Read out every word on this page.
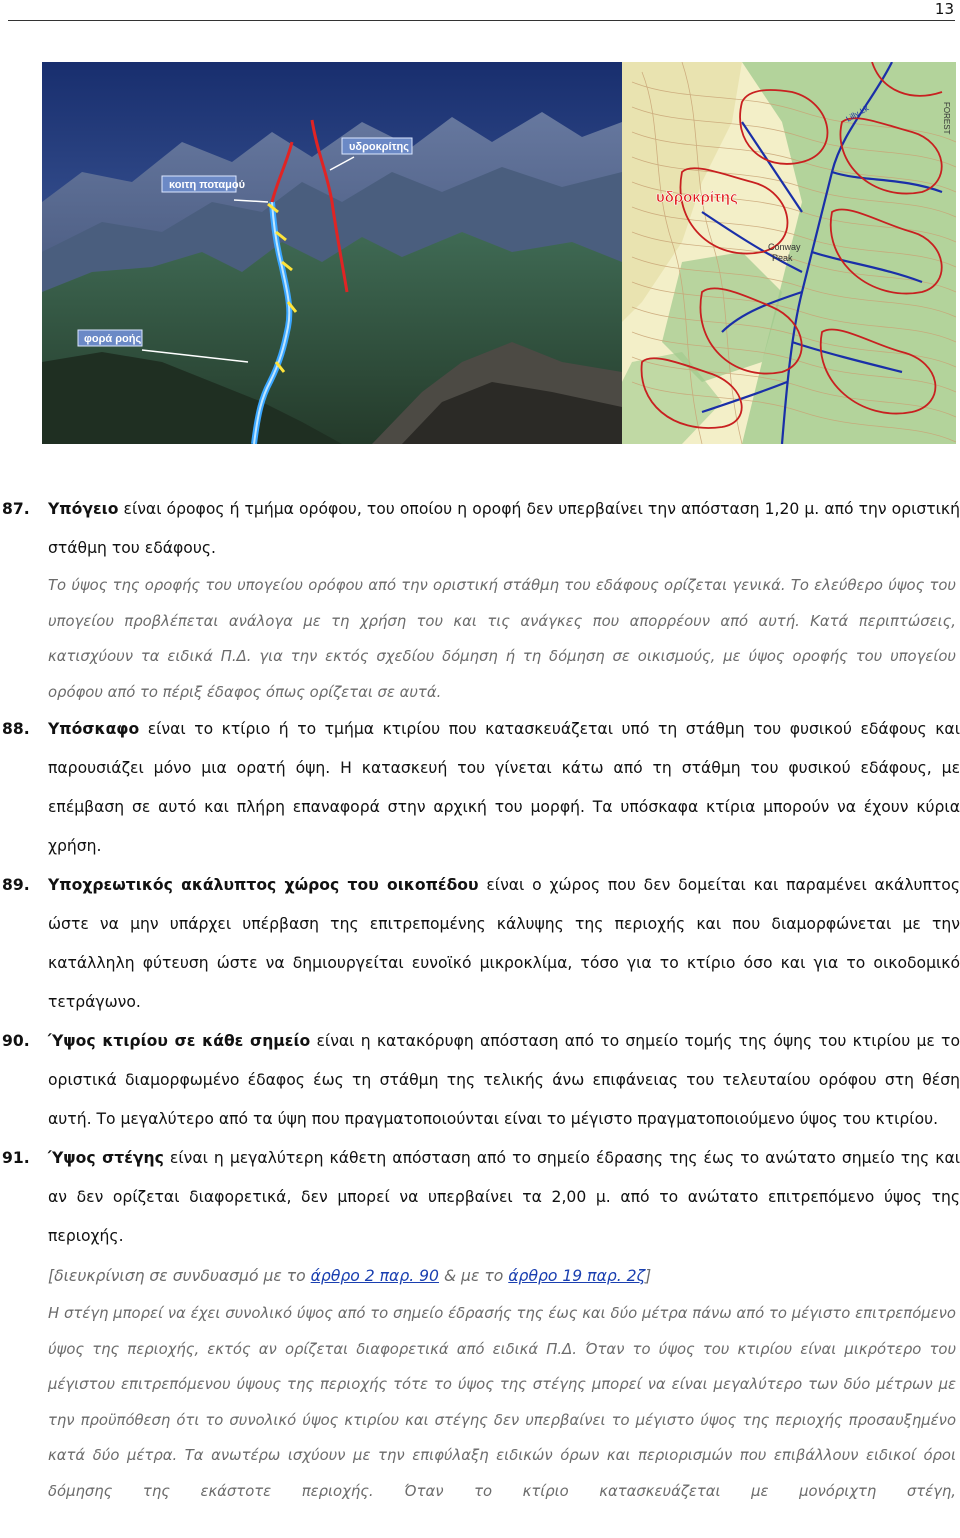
13
κοιτη ποταμού
υδροκρίτης
φορά ροής
Conway
Peak
Lilly Lk	FOREST
υδροκρίτης
87. Υπόγειο είναι όροφος ή τμήμα ορόφου, του οποίου η οροφή δεν υπερβαίνει την απόσταση 1,20 μ. από την οριστική στάθμη του εδάφους.
Το ύψος της οροφής του υπογείου ορόφου από την οριστική στάθμη του εδάφους ορίζεται γενικά. Το ελεύθερο ύψος του υπογείου προβλέπεται ανάλογα με τη χρήση του και τις ανάγκες που απορρέουν από αυτή. Κατά περιπτώσεις, κατισχύουν τα ειδικά Π.Δ. για την εκτός σχεδίου δόμηση ή τη δόμηση σε οικισμούς, με ύψος οροφής του υπογείου ορόφου από το πέριξ έδαφος όπως ορίζεται σε αυτά.
88. Υπόσκαφο είναι το κτίριο ή το τμήμα κτιρίου που κατασκευάζεται υπό τη στάθμη του φυσικού εδάφους και παρουσιάζει μόνο μια ορατή όψη. Η κατασκευή του γίνεται κάτω από τη στάθμη του φυσικού εδάφους, με επέμβαση σε αυτό και πλήρη επαναφορά στην αρχική του μορφή. Τα υπόσκαφα κτίρια μπορούν να έχουν κύρια χρήση.
89. Υποχρεωτικός ακάλυπτος χώρος του οικοπέδου είναι ο χώρος που δεν δομείται και παραμένει ακάλυπτος ώστε να μην υπάρχει υπέρβαση της επιτρεπομένης κάλυψης της περιοχής και που διαμορφώνεται με την κατάλληλη φύτευση ώστε να δημιουργείται ευνοϊκό μικροκλίμα, τόσο για το κτίριο όσο και για το οικοδομικό τετράγωνο.
90. Ύψος κτιρίου σε κάθε σημείο είναι η κατακόρυφη απόσταση από το σημείο τομής της όψης του κτιρίου με το οριστικά διαμορφωμένο έδαφος έως τη στάθμη της τελικής άνω επιφάνειας του τελευταίου ορόφου στη θέση αυτή. Το μεγαλύτερο από τα ύψη που πραγματοποιούνται είναι το μέγιστο πραγματοποιούμενο ύψος του κτιρίου.
91. Ύψος στέγης είναι η μεγαλύτερη κάθετη απόσταση από το σημείο έδρασης της έως το ανώτατο σημείο της και αν δεν ορίζεται διαφορετικά, δεν μπορεί να υπερβαίνει τα 2,00 μ. από το ανώτατο επιτρεπόμενο ύψος της περιοχής.
[διευκρίνιση σε συνδυασμό με το άρθρο 2 παρ. 90 & με το άρθρο 19 παρ. 2ζ]
Η στέγη μπορεί να έχει συνολικό ύψος από το σημείο έδρασής της έως και δύο μέτρα πάνω από το μέγιστο επιτρεπόμενο ύψος της περιοχής, εκτός αν ορίζεται διαφορετικά από ειδικά Π.Δ. Όταν το ύψος του κτιρίου είναι μικρότερο του μέγιστου επιτρεπόμενου ύψους της περιοχής τότε το ύψος της στέγης μπορεί να είναι μεγαλύτερο των δύο μέτρων με την προϋπόθεση ότι το συνολικό ύψος κτιρίου και στέγης δεν υπερβαίνει το μέγιστο ύψος της περιοχής προσαυξημένο κατά δύο μέτρα. Τα ανωτέρω ισχύουν με την επιφύλαξη ειδικών όρων και περιορισμών που επιβάλλουν ειδικοί όροι δόμησης της εκάστοτε περιοχής. Όταν το κτίριο κατασκευάζεται με μονόριχτη στέγη,
